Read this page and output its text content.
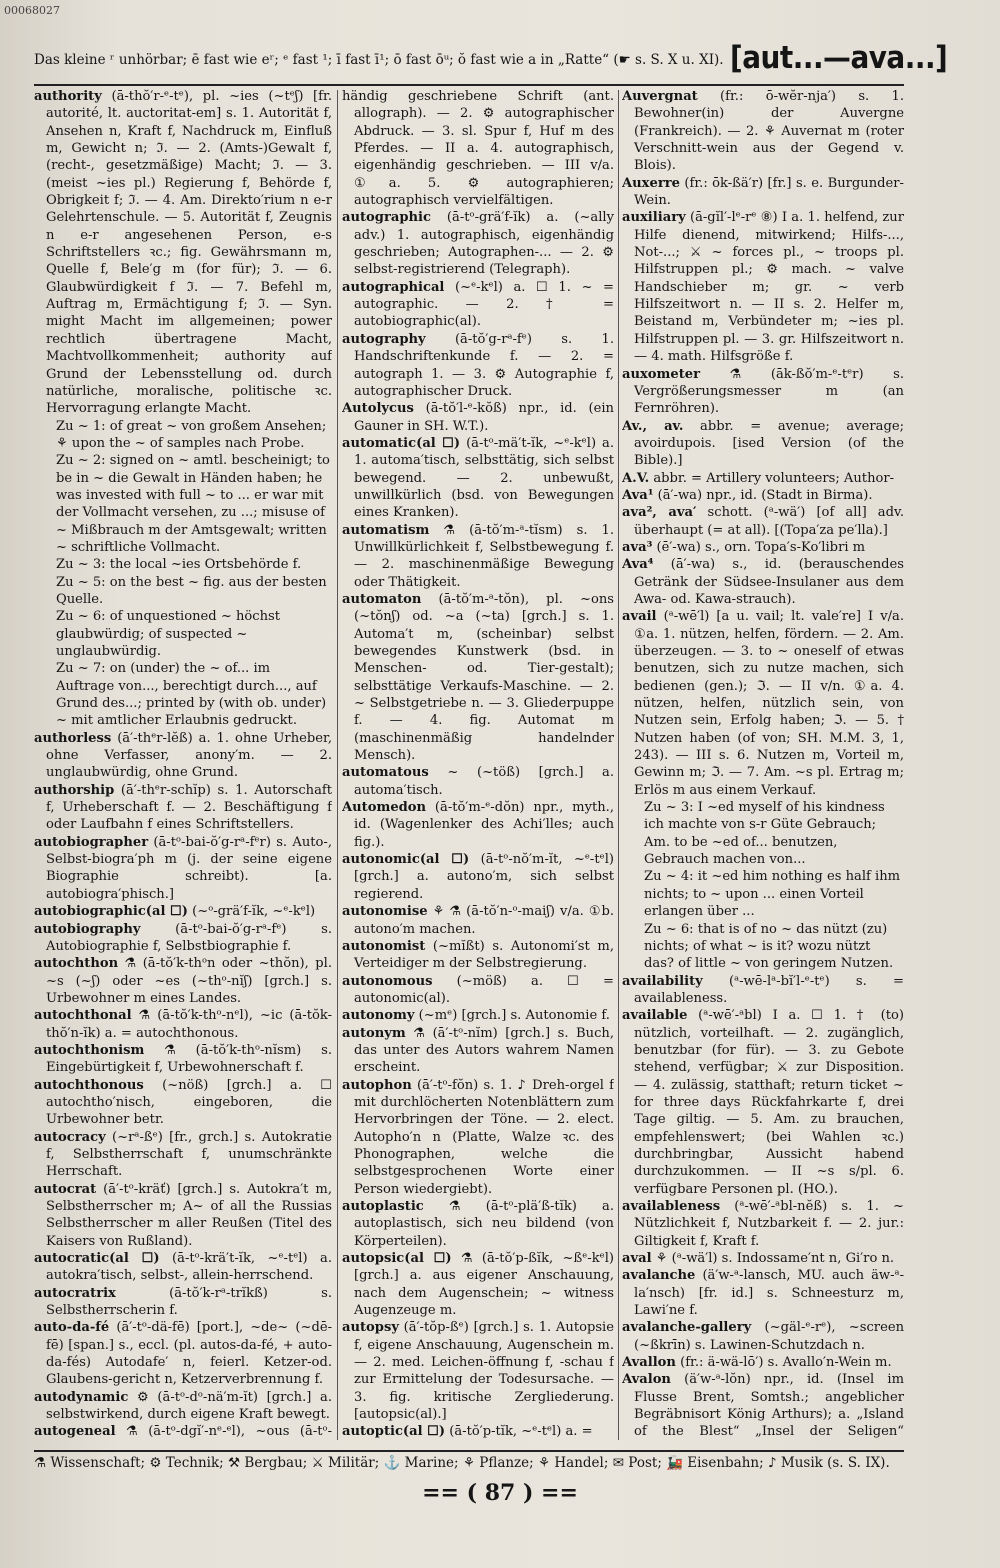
00068027
Das kleine ʳ unhörbar; ē fast wie eʳ; ᵉ fast ¹; ī fast ī¹; ō fast ōᵘ; ŏ fast wie a in „Ratte“ (☛ s. S. X u. XI). [aut...—ava...]

authority (ā-thŏ′r-ᵉ-tᵉ), pl. ~ies (~tᵉʃ) [fr. autorité, lt. auctoritat-em] s. 1. Autorität f, Ansehen n, Kraft f, Nachdruck m, Einfluß m, Gewicht n; ℑ. — 2. (Amts-)Gewalt f, (recht-, gesetzmäßige) Macht; ℑ. — 3. (meist ~ies pl.) Regierung f, Behörde f, Obrigkeit f; ℑ. — 4. Am. Direkto′rium n e-r Gelehrtenschule. — 5. Autorität f, Zeugnis n e-r angesehenen Person, e-s Schriftstellers ꝛc.; fig. Gewährsmann m, Quelle f, Bele′g m (for für); ℑ. — 6. Glaubwürdigkeit f ℑ. — 7. Befehl m, Auftrag m, Ermächtigung f; ℑ. — Syn. might Macht im allgemeinen; power rechtlich übertragene Macht, Machtvollkommenheit; authority auf Grund der Lebensstellung od. durch natürliche, moralische, politische ꝛc. Hervorragung erlangte Macht.

Zu ~ 1: of great ~ von großem Ansehen; ⚘ upon the ~ of samples nach Probe.

Zu ~ 2: signed on ~ amtl. bescheinigt; to be in ~ die Gewalt in Händen haben; he was invested with full ~ to ... er war mit der Vollmacht versehen, zu ...; misuse of ~ Mißbrauch m der Amtsgewalt; written ~ schriftliche Vollmacht.

Zu ~ 3: the local ~ies Ortsbehörde f.

Zu ~ 5: on the best ~ fig. aus der besten Quelle.

Zu ~ 6: of unquestioned ~ höchst glaubwürdig; of suspected ~ unglaubwürdig.

Zu ~ 7: on (under) the ~ of... im Auftrage von..., berechtigt durch..., auf Grund des...; printed by (with ob. under) ~ mit amtlicher Erlaubnis gedruckt.

authorless (ā′-thᵉr-lĕß) a. 1. ohne Urheber, ohne Verfasser, anony′m. — 2. unglaubwürdig, ohne Grund.

authorship (ā′-thᵉr-schĭp) s. 1. Autorschaft f, Urheberschaft f. — 2. Beschäftigung f oder Laufbahn f eines Schriftstellers.

autobiographer (ā-tᵒ-bai-ŏ′g-rᵃ-fᵉr) s. Auto-, Selbst-biogra′ph m (j. der seine eigene Biographie schreibt). [a. autobiogra′phisch.]

autobiographic(al ☐) (~ᵒ-grä′f-ĭk, ~ᵉ-kᵉl)

autobiography (ā-tᵒ-bai-ŏ′g-rᵃ-fᵉ) s. Autobiographie f, Selbstbiographie f.

autochthon ⚗ (ā-tŏ′k-thᵒn oder ~thŏn), pl. ~s (~ʃ) oder ~es (~thᵒ-nĭʃ) [grch.] s. Urbewohner m eines Landes.

autochthonal ⚗ (ā-tŏ′k-thᵒ-nᵉl), ~ic (ā-tŏk-thŏ′n-ĭk) a. = autochthonous.

autochthonism ⚗ (ā-tŏ′k-thᵒ-nĭsm) s. Eingebürtigkeit f, Urbewohnerschaft f.

autochthonous (~nöß) [grch.] a. ☐ autochtho′nisch, eingeboren, die Urbewohner betr.

autocracy (~rᵃ-ßᵉ) [fr., grch.] s. Autokratie f, Selbstherrschaft f, unumschränkte Herrschaft.

autocrat (ā′-tᵒ-kräť) [grch.] s. Autokra′t m, Selbstherrscher m; A~ of all the Russias Selbstherrscher m aller Reußen (Titel des Kaisers von Rußland).

autocratic(al ☐) (ā-tᵒ-krä′t-ĭk, ~ᵉ-tᵉl) a. autokra′tisch, selbst-, allein-herrschend.

autocratrix (ā-tŏ′k-rᵃ-trĭkß) s. Selbstherrscherin f.

auto-da-fé (ā′-tᵒ-dä-fē) [port.], ~de~ (~dē-fē) [span.] s., eccl. (pl. autos-da-fé, + auto-da-fés) Autodafe′ n, feierl. Ketzer-od. Glaubens-gericht n, Ketzerverbrennung f.

autodynamic ⚙ (ā-tᵒ-dᵒ-nä′m-ĭt) [grch.] a. selbstwirkend, durch eigene Kraft bewegt.

autogeneal ⚗ (ā-tᵒ-dgĭ′-nᵉ-ᵉl), ~ous (ā-tᵒ-

händig geschriebene Schrift (ant. allograph). — 2. ⚙ autographischer Abdruck. — 3. sl. Spur f, Huf m des Pferdes. — II a. 4. autographisch, eigenhändig geschrieben. — III v/a. ①a. 5. ⚙ autographieren; autographisch vervielfältigen.

autographic (ā-tᵒ-grä′f-ĭk) a. (~ally adv.) 1. autographisch, eigenhändig geschrieben; Autographen-... — 2. ⚙ selbst-registrierend (Telegraph).

autographical (~ᵉ-kᵉl) a. ☐ 1. ~ = autographic. — 2. † = autobiographic(al).

autography (ā-tŏ′g-rᵃ-fᵉ) s. 1. Handschriftenkunde f. — 2. = autograph 1. — 3. ⚙ Autographie f, autographischer Druck.

Autolycus (ā-tŏ′l-ᵉ-kŏß) npr., id. (ein Gauner in SH. W.T.).

automatic(al ☐) (ā-tᵒ-mä′t-ĭk, ~ᵉ-kᵉl) a. 1. automa′tisch, selbsttätig, sich selbst bewegend. — 2. unbewußt, unwillkürlich (bsd. von Bewegungen eines Kranken).

automatism ⚗ (ā-tŏ′m-ᵃ-tĭsm) s. 1. Unwillkürlichkeit f, Selbstbewegung f. — 2. maschinenmäßige Bewegung oder Thätigkeit.

automaton (ā-tŏ′m-ᵃ-tŏn), pl. ~ons (~tŏnʃ) od. ~a (~ta) [grch.] s. 1. Automa′t m, (scheinbar) selbst bewegendes Kunstwerk (bsd. in Menschen- od. Tier-gestalt); selbsttätige Verkaufs-Maschine. — 2. ~ Selbstgetriebe n. — 3. Gliederpuppe f. — 4. fig. Automat m (maschinenmäßig handelnder Mensch).

automatous ~ (~töß) [grch.] a. automa′tisch.

Automedon (ā-tŏ′m-ᵉ-dŏn) npr., myth., id. (Wagenlenker des Achi′lles; auch fig.).

autonomic(al ☐) (ā-tᵒ-nŏ′m-ĭt, ~ᵉ-tᵉl) [grch.] a. autono′m, sich selbst regierend.

autonomise ⚘ ⚗ (ā-tŏ′n-ᵒ-maiʃ) v/a. ①b. autono′m machen.

autonomist (~mĭßt) s. Autonomi′st m, Verteidiger m der Selbstregierung.

autonomous (~möß) a. ☐ = autonomic(al).

autonomy (~mᵉ) [grch.] s. Autonomie f.

autonym ⚗ (ā′-tᵒ-nĭm) [grch.] s. Buch, das unter des Autors wahrem Namen erscheint.

autophon (ā′-tᵒ-fŏn) s. 1. ♪ Dreh-orgel f mit durchlöcherten Notenblättern zum Hervorbringen der Töne. — 2. elect. Autopho′n n (Platte, Walze ꝛc. des Phonographen, welche die selbstgesprochenen Worte einer Person wiedergiebt).

autoplastic ⚗ (ā-tᵒ-plä′ß-tĭk) a. autoplastisch, sich neu bildend (von Körperteilen).

autopsic(al ☐) ⚗ (ā-tŏ′p-ßĭk, ~ßᵉ-kᵉl) [grch.] a. aus eigener Anschauung, nach dem Augenschein; ~ witness Augenzeuge m.

autopsy (ā′-tŏp-ßᵉ) [grch.] s. 1. Autopsie f, eigene Anschauung, Augenschein m. — 2. med. Leichen-öffnung f, -schau f zur Ermittelung der Todesursache. — 3. fig. kritische Zergliederung. [autopsic(al).]

autoptic(al ☐) (ā-tŏ′p-tĭk, ~ᵉ-tᵉl) a. =

Auvergnat (fr.: ō-wĕr-nja′) s. 1. Bewohner(in) der Auvergne (Frankreich). — 2. ⚘ Auvernat m (roter Verschnitt-wein aus der Gegend v. Blois).

Auxerre (fr.: ōk-ßä′r) [fr.] s. e. Burgunder-Wein.

auxiliary (ā-gĭl′-lᵉ-rᵉ ⑧) I a. 1. helfend, zur Hilfe dienend, mitwirkend; Hilfs-..., Not-...; ⚔ ~ forces pl., ~ troops pl. Hilfstruppen pl.; ⚙ mach. ~ valve Handschieber m; gr. ~ verb Hilfszeitwort n. — II s. 2. Helfer m, Beistand m, Verbündeter m; ~ies pl. Hilfstruppen pl. — 3. gr. Hilfszeitwort n. — 4. math. Hilfsgröße f.

auxometer ⚗ (āk-ßŏ′m-ᵉ-tᵉr) s. Vergrößerungsmesser m (an Fernröhren).

Av., av. abbr. = avenue; average; avoirdupois. [ised Version (of the Bible).]

A.V. abbr. = Artillery volunteers; Author-

Ava¹ (ā′-wa) npr., id. (Stadt in Birma).

ava², ava′ schott. (ᵃ-wä′) [of all] adv. überhaupt (= at all). [(Topa′za pe′lla).]

ava³ (ē′-wa) s., orn. Topa′s-Ko′libri m

Ava⁴ (ā′-wa) s., id. (berauschendes Getränk der Südsee-Insulaner aus dem Awa- od. Kawa-strauch).

avail (ᵃ-wē′l) [a u. vail; lt. vale′re] I v/a. ①a. 1. nützen, helfen, fördern. — 2. Am. überzeugen. — 3. to ~ oneself of etwas benutzen, sich zu nutze machen, sich bedienen (gen.); ℑ. — II v/n. ①a. 4. nützen, helfen, nützlich sein, von Nutzen sein, Erfolg haben; ℑ. — 5. † Nutzen haben (of von; SH. M.M. 3, 1, 243). — III s. 6. Nutzen m, Vorteil m, Gewinn m; ℑ. — 7. Am. ~s pl. Ertrag m; Erlös m aus einem Verkauf.

Zu ~ 3: I ~ed myself of his kindness ich machte von s-r Güte Gebrauch; Am. to be ~ed of... benutzen, Gebrauch machen von...

Zu ~ 4: it ~ed him nothing es half ihm nichts; to ~ upon ... einen Vorteil erlangen über ...

Zu ~ 6: that is of no ~ das nützt (zu) nichts; of what ~ is it? wozu nützt das? of little ~ von geringem Nutzen.

availability (ᵃ-wē-lᵃ-bĭ′l-ᵉ-tᵉ) s. = availableness.

available (ᵃ-wē′-ᵃbl) I a. ☐ 1. † (to) nützlich, vorteilhaft. — 2. zugänglich, benutzbar (for für). — 3. zu Gebote stehend, verfügbar; ⚔ zur Disposition. — 4. zulässig, statthaft; return ticket ~ for three days Rückfahrkarte f, drei Tage giltig. — 5. Am. zu brauchen, empfehlenswert; (bei Wahlen ꝛc.) durchbringbar, Aussicht habend durchzukommen. — II ~s s/pl. 6. verfügbare Personen pl. (HO.).

availableness (ᵃ-wē′-ᵃbl-nĕß) s. 1. ~ Nützlichkeit f, Nutzbarkeit f. — 2. jur.: Giltigkeit f, Kraft f.

aval ⚘ (ᵃ-wä′l) s. Indossame′nt n, Gi′ro n.

avalanche (ä′w-ᵃ-lansch, MU. auch äw-ᵃ-la′nsch) [fr. id.] s. Schneesturz m, Lawi′ne f.

avalanche-gallery (~gäl-ᵉ-rᵉ), ~screen (~ßkrīn) s. Lawinen-Schutzdach n.

Avallon (fr.: ä-wä-lō′) s. Avallo′n-Wein m.

Avalon (ä′w-ᵃ-lŏn) npr., id. (Insel im Flusse Brent, Somtsh.; angeblicher Begräbnisort König Arthurs); a. „Island of the Blest“ „Insel der Seligen“

⚗ Wissenschaft; ⚙ Technik; ⚒ Bergbau; ⚔ Militär; ⚓ Marine; ⚘ Pflanze; ⚘ Handel; ✉ Post; 🚂 Eisenbahn; ♪ Musik (s. S. IX).
== ( 87 ) ==
